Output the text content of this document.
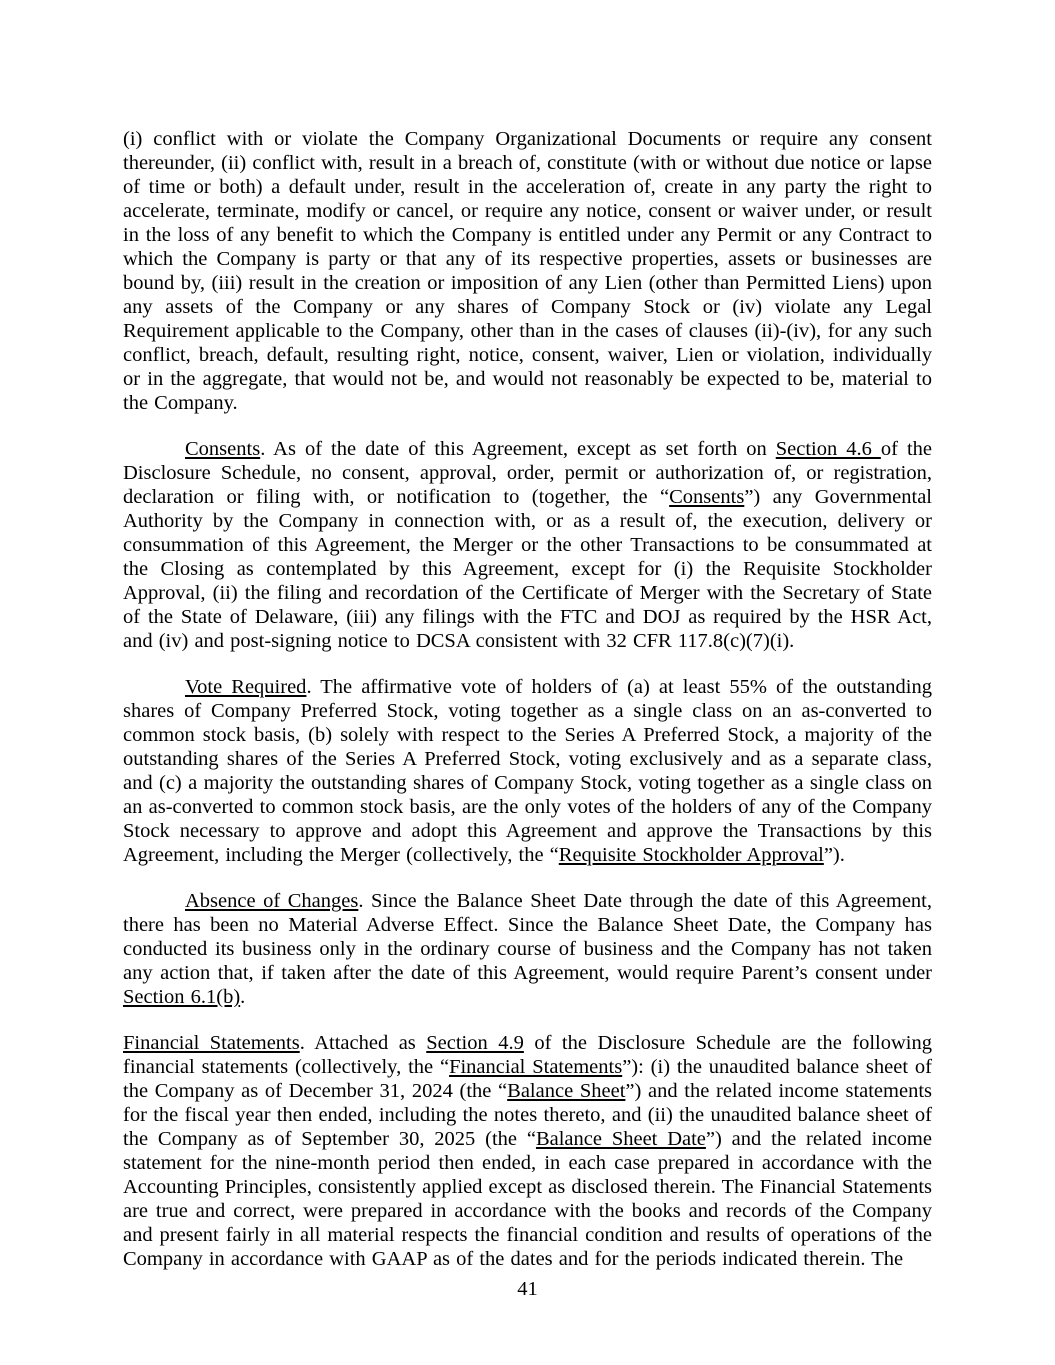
(i) conflict with or violate the Company Organizational Documents or require any consent thereunder, (ii) conflict with, result in a breach of, constitute (with or without due notice or lapse of time or both) a default under, result in the acceleration of, create in any party the right to accelerate, terminate, modify or cancel, or require any notice, consent or waiver under, or result in the loss of any benefit to which the Company is entitled under any Permit or any Contract to which the Company is party or that any of its respective properties, assets or businesses are bound by, (iii) result in the creation or imposition of any Lien (other than Permitted Liens) upon any assets of the Company or any shares of Company Stock or (iv) violate any Legal Requirement applicable to the Company, other than in the cases of clauses (ii)-(iv), for any such conflict, breach, default, resulting right, notice, consent, waiver, Lien or violation, individually or in the aggregate, that would not be, and would not reasonably be expected to be, material to the Company.

Consents. As of the date of this Agreement, except as set forth on Section 4.6 of the Disclosure Schedule, no consent, approval, order, permit or authorization of, or registration, declaration or filing with, or notification to (together, the “Consents”) any Governmental Authority by the Company in connection with, or as a result of, the execution, delivery or consummation of this Agreement, the Merger or the other Transactions to be consummated at the Closing as contemplated by this Agreement, except for (i) the Requisite Stockholder Approval, (ii) the filing and recordation of the Certificate of Merger with the Secretary of State of the State of Delaware, (iii) any filings with the FTC and DOJ as required by the HSR Act, and (iv) and post-signing notice to DCSA consistent with 32 CFR 117.8(c)(7)(i).

Vote Required. The affirmative vote of holders of (a) at least 55% of the outstanding shares of Company Preferred Stock, voting together as a single class on an as-converted to common stock basis, (b) solely with respect to the Series A Preferred Stock, a majority of the outstanding shares of the Series A Preferred Stock, voting exclusively and as a separate class, and (c) a majority the outstanding shares of Company Stock, voting together as a single class on an as-converted to common stock basis, are the only votes of the holders of any of the Company Stock necessary to approve and adopt this Agreement and approve the Transactions by this Agreement, including the Merger (collectively, the “Requisite Stockholder Approval”).

Absence of Changes. Since the Balance Sheet Date through the date of this Agreement, there has been no Material Adverse Effect. Since the Balance Sheet Date, the Company has conducted its business only in the ordinary course of business and the Company has not taken any action that, if taken after the date of this Agreement, would require Parent’s consent under Section 6.1(b).

Financial Statements. Attached as Section 4.9 of the Disclosure Schedule are the following financial statements (collectively, the “Financial Statements”): (i) the unaudited balance sheet of the Company as of December 31, 2024 (the “Balance Sheet”) and the related income statements for the fiscal year then ended, including the notes thereto, and (ii) the unaudited balance sheet of the Company as of September 30, 2025 (the “Balance Sheet Date”) and the related income statement for the nine-month period then ended, in each case prepared in accordance with the Accounting Principles, consistently applied except as disclosed therein. The Financial Statements are true and correct, were prepared in accordance with the books and records of the Company and present fairly in all material respects the financial condition and results of operations of the Company in accordance with GAAP as of the dates and for the periods indicated therein. The

41
